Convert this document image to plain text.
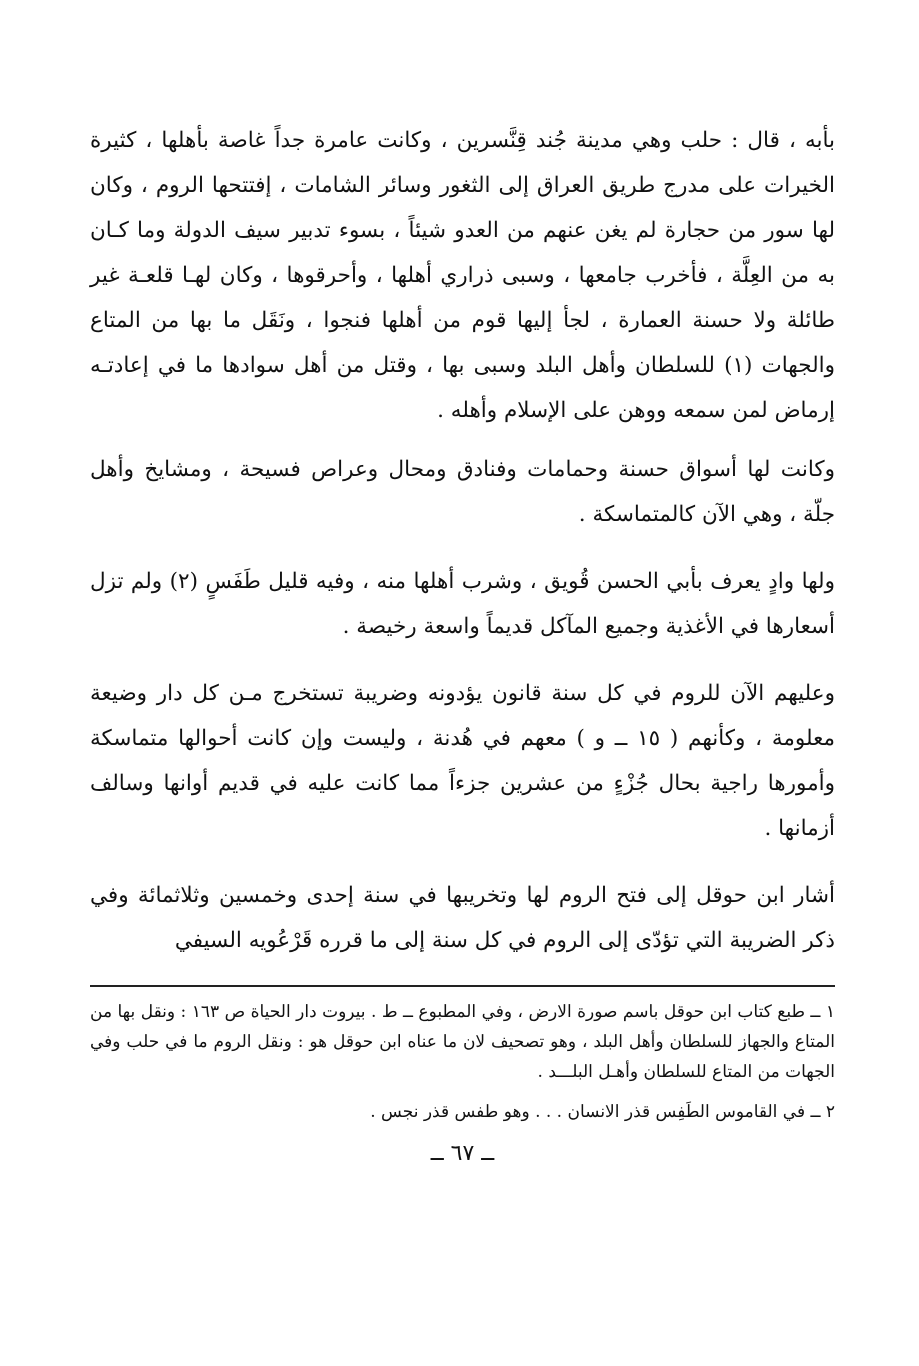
بأبه ، قال : حلب وهي مدينة جُند قِنَّسرين ، وكانت عامرة جداً غاصة بأهلها ، كثيرة الخيرات على مدرج طريق العراق إلى الثغور وسائر الشامات ، إفتتحها الروم ، وكان لها سور من حجارة لم يغن عنهم من العدو شيئاً ، بسوء تدبير سيف الدولة وما كـان به من العِلَّة ، فأخرب جامعها ، وسبى ذراري أهلها ، وأحرقوها ، وكان لهـا قلعـة غير طائلة ولا حسنة العمارة ، لجأ إليها قوم من أهلها فنجوا ، ونَقَل ما بها من المتاع والجهات (١) للسلطان وأهل البلد وسبى بها ، وقتل من أهل سوادها ما في إعادتـه إرماض لمن سمعه ووهن على الإسلام وأهله .

وكانت لها أسواق حسنة وحمامات وفنادق ومحال وعراص فسيحة ، ومشايخ وأهل جلّة ، وهي الآن كالمتماسكة .

ولها وادٍ يعرف بأبي الحسن قُويق ، وشرب أهلها منه ، وفيه قليل طَفَسٍ (٢) ولم تزل أسعارها في الأغذية وجميع المآكل قديماً واسعة رخيصة .

وعليهم الآن للروم في كل سنة قانون يؤدونه وضريبة تستخرج مـن كل دار وضيعة معلومة ، وكأنهم ( ١٥ ــ و ) معهم في هُدنة ، وليست وإن كانت أحوالها متماسكة وأمورها راجية بحال جُزْءٍ من عشرين جزءاً مما كانت عليه في قديم أوانها وسالف أزمانها .

أشار ابن حوقل إلى فتح الروم لها وتخريبها في سنة إحدى وخمسين وثلاثمائة وفي ذكر الضريبة التي تؤدّى إلى الروم في كل سنة إلى ما قرره قَرْعُويه السيفي

١ ــ طبع كتاب ابن حوقل باسم صورة الارض ، وفي المطبوع ــ ط . بيروت دار الحياة ص ١٦٣ : ونقل بها من المتاع والجهاز للسلطان وأهل البلد ، وهو تصحيف لان ما عناه ابن حوقل هو : ونقل الروم ما في حلب وفي الجهات من المتاع للسلطان وأهـل البلـــد .

٢ ــ في القاموس الطَفِس قذر الانسان . . . وهو طفس قذر نجس .

ــ ٦٧ ــ
